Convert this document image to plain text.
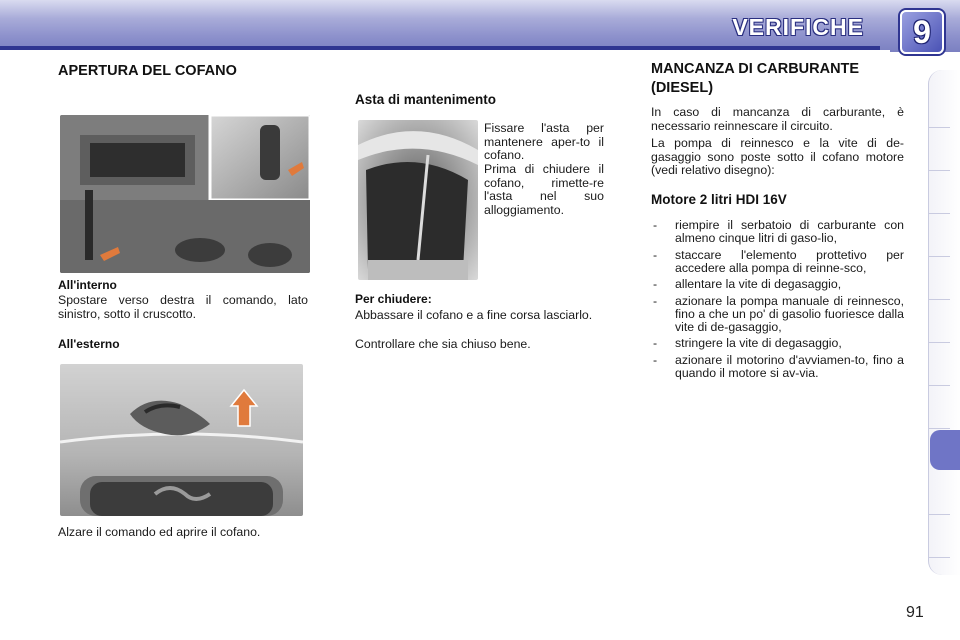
VERIFICHE 9
APERTURA DEL COFANO
All'interno

Spostare verso destra il comando, lato sinistro, sotto il cruscotto.

All'esterno

Alzare il comando ed aprire il cofano.

Asta di mantenimento

Fissare l'asta per mantenere aper-to il cofano.

Prima di chiudere il cofano, rimette-re l'asta nel suo alloggiamento.

Per chiudere:

Abbassare il cofano e a fine corsa lasciarlo.

Controllare che sia chiuso bene.

MANCANZA DI CARBURANTE (DIESEL)

In caso di mancanza di carburante, è necessario reinnescare il circuito.

La pompa di reinnesco e la vite di de-gasaggio sono poste sotto il cofano motore (vedi relativo disegno):

Motore 2 litri HDI 16V
- riempire il serbatoio di carburante con almeno cinque litri di gaso-lio,
- staccare l'elemento prottetivo per accedere alla pompa di reinne-sco,
- allentare la vite di degasaggio,
- azionare la pompa manuale di reinnesco, fino a che un po' di gasolio fuoriesce dalla vite di de-gasaggio,
- stringere la vite di degasaggio,
- azionare il motorino d'avviamen-to, fino a quando il motore si av-via.
91
